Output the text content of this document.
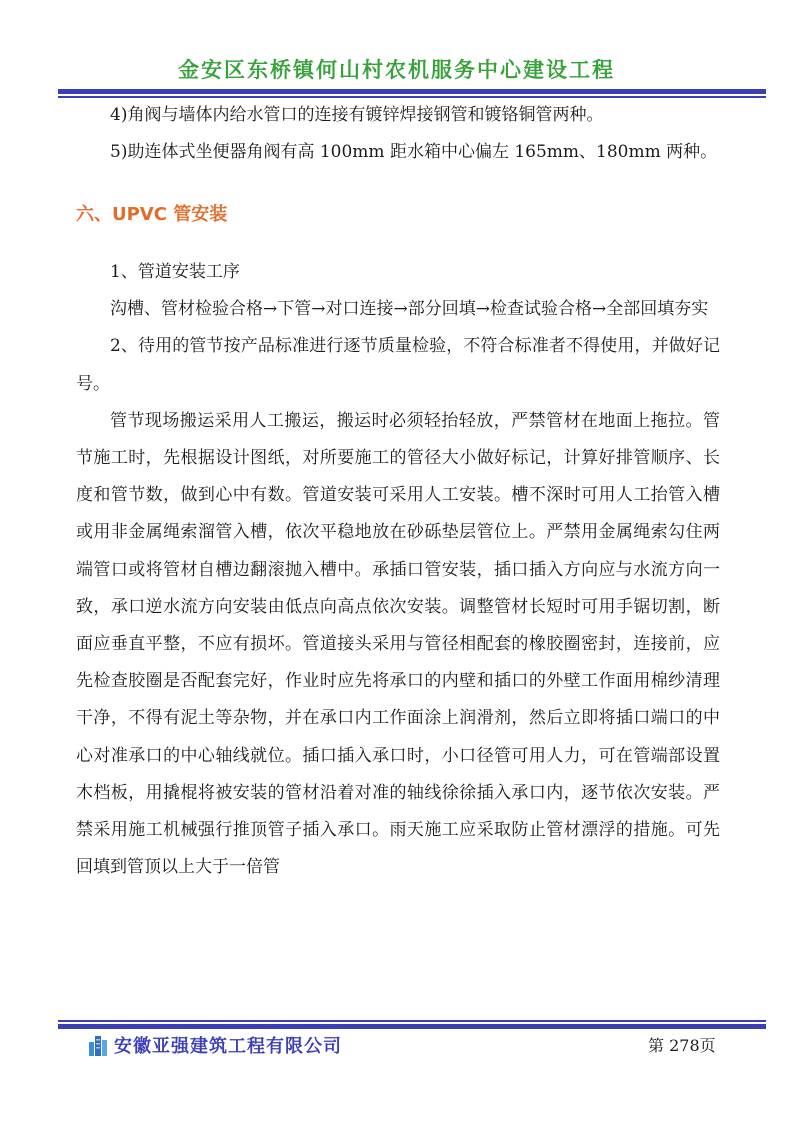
金安区东桥镇何山村农机服务中心建设工程

4)角阀与墙体内给水管口的连接有镀锌焊接钢管和镀铬铜管两种。

5)助连体式坐便器角阀有高 100mm 距水箱中心偏左 165mm、180mm 两种。

六、UPVC 管安装

1、管道安装工序

沟槽、管材检验合格→下管→对口连接→部分回填→检查试验合格→全部回填夯实

2、待用的管节按产品标准进行逐节质量检验，不符合标准者不得使用，并做好记号。

管节现场搬运采用人工搬运，搬运时必须轻抬轻放，严禁管材在地面上拖拉。管节施工时，先根据设计图纸，对所要施工的管径大小做好标记，计算好排管顺序、长度和管节数，做到心中有数。管道安装可采用人工安装。槽不深时可用人工抬管入槽或用非金属绳索溜管入槽，依次平稳地放在砂砾垫层管位上。严禁用金属绳索勾住两端管口或将管材自槽边翻滚抛入槽中。承插口管安装，插口插入方向应与水流方向一致，承口逆水流方向安装由低点向高点依次安装。调整管材长短时可用手锯切割，断面应垂直平整，不应有损坏。管道接头采用与管径相配套的橡胶圈密封，连接前，应先检查胶圈是否配套完好，作业时应先将承口的内壁和插口的外壁工作面用棉纱清理干净，不得有泥土等杂物，并在承口内工作面涂上润滑剂，然后立即将插口端口的中心对准承口的中心轴线就位。插口插入承口时，小口径管可用人力，可在管端部设置木档板，用撬棍将被安装的管材沿着对准的轴线徐徐插入承口内，逐节依次安装。严禁采用施工机械强行推顶管子插入承口。雨天施工应采取防止管材漂浮的措施。可先回填到管顶以上大于一倍管

安徽亚强建筑工程有限公司	第 278页
